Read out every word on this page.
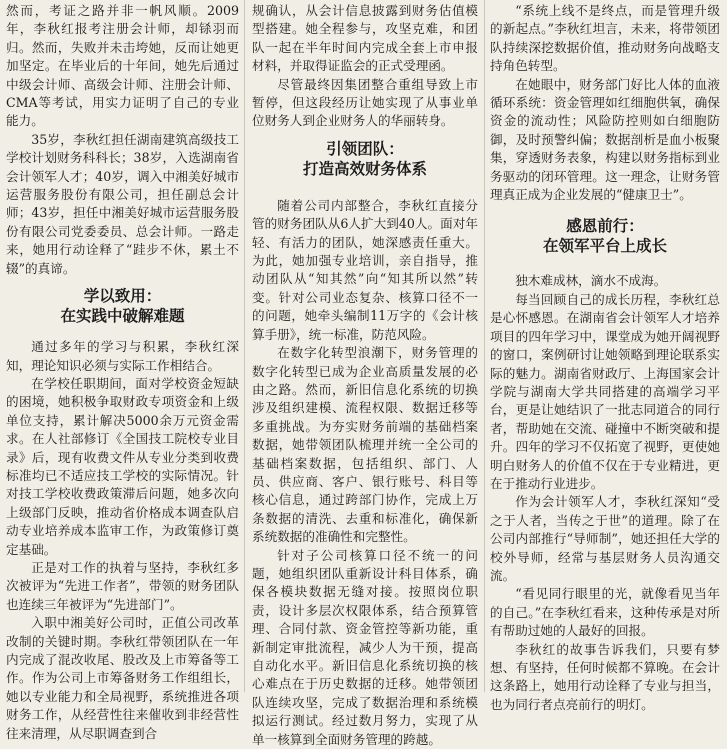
然而，考证之路并非一帆风顺。2009年，李秋红报考注册会计师，却铩羽而归。然而，失败并未击垮她，反而让她更加坚定。在毕业后的十年间，她先后通过中级会计师、高级会计师、注册会计师、CMA等考试，用实力证明了自己的专业能力。

35岁，李秋红担任湖南建筑高级技工学校计划财务科科长；38岁，入选湖南省会计领军人才；40岁，调入中湘美好城市运营服务股份有限公司，担任副总会计师；43岁，担任中湘美好城市运营服务股份有限公司党委委员、总会计师。一路走来，她用行动诠释了“跬步不休，累土不辍”的真谛。

学以致用：
在实践中破解难题

通过多年的学习与积累，李秋红深知，理论知识必须与实际工作相结合。

在学校任职期间，面对学校资金短缺的困境，她积极争取财政专项资金和上级单位支持，累计解决5000余万元资金需求。在人社部修订《全国技工院校专业目录》后，现有收费文件从专业分类到收费标准均已不适应技工学校的实际情况。针对技工学校收费政策滞后问题，她多次向上级部门反映，推动省价格成本调查队启动专业培养成本监审工作，为政策修订奠定基础。

正是对工作的执着与坚持，李秋红多次被评为“先进工作者”，带领的财务团队也连续三年被评为“先进部门”。

入职中湘美好公司时，正值公司改革改制的关键时期。李秋红带领团队在一年内完成了混改收尾、股改及上市筹备等工作。作为公司上市筹备财务工作组组长，她以专业能力和全局视野，系统推进各项财务工作，从经营性往来催收到非经营性往来清理，从尽职调查到合

规确认，从会计信息披露到财务估值模型搭建。她全程参与，攻坚克难，和团队一起在半年时间内完成全套上市申报材料，并取得证监会的正式受理函。

尽管最终因集团整合重组导致上市暂停，但这段经历让她实现了从事业单位财务人到企业财务人的华丽转身。

引领团队：
打造高效财务体系

随着公司内部整合，李秋红直接分管的财务团队从6人扩大到40人。面对年轻、有活力的团队，她深感责任重大。为此，她加强专业培训，亲自指导，推动团队从“知其然”向“知其所以然”转变。针对公司业态复杂、核算口径不一的问题，她牵头编制11万字的《会计核算手册》，统一标准，防范风险。

在数字化转型浪潮下，财务管理的数字化转型已成为企业高质量发展的必由之路。然而，新旧信息化系统的切换涉及组织建模、流程权限、数据迁移等多重挑战。为夯实财务前端的基础档案数据，她带领团队梳理并统一全公司的基础档案数据，包括组织、部门、人员、供应商、客户、银行账号、科目等核心信息，通过跨部门协作，完成上万条数据的清洗、去重和标准化，确保新系统数据的准确性和完整性。

针对子公司核算口径不统一的问题，她组织团队重新设计科目体系，确保各模块数据无缝对接。按照岗位职责，设计多层次权限体系，结合预算管理、合同付款、资金管控等新功能，重新制定审批流程，减少人为干预，提高自动化水平。新旧信息化系统切换的核心难点在于历史数据的迁移。她带领团队连续攻坚，完成了数据治理和系统模拟运行测试。经过数月努力，实现了从单一核算到全面财务管理的跨越。

“系统上线不是终点，而是管理升级的新起点。”李秋红坦言，未来，将带领团队持续深挖数据价值，推动财务向战略支持角色转型。

在她眼中，财务部门好比人体的血液循环系统：资金管理如红细胞供氧，确保资金的流动性；风险防控则如白细胞防御，及时预警纠偏；数据剖析是血小板聚集，穿透财务表象，构建以财务指标到业务驱动的闭环管理。这一理念，让财务管理真正成为企业发展的“健康卫士”。

感恩前行：
在领军平台上成长

独木难成林，滴水不成海。

每当回顾自己的成长历程，李秋红总是心怀感恩。在湖南省会计领军人才培养项目的四年学习中，课堂成为她开阔视野的窗口，案例研讨让她领略到理论联系实际的魅力。湖南省财政厅、上海国家会计学院与湖南大学共同搭建的高端学习平台，更是让她结识了一批志同道合的同行者，帮助她在交流、碰撞中不断突破和提升。四年的学习不仅拓宽了视野，更使她明白财务人的价值不仅在于专业精进，更在于推动行业进步。

作为会计领军人才，李秋红深知“受之于人者，当传之于世”的道理。除了在公司内部推行“导师制”，她还担任大学的校外导师，经常与基层财务人员沟通交流。

“看见同行眼里的光，就像看见当年的自己。”在李秋红看来，这种传承是对所有帮助过她的人最好的回报。

李秋红的故事告诉我们，只要有梦想、有坚持，任何时候都不算晚。在会计这条路上，她用行动诠释了专业与担当，也为同行者点亮前行的明灯。
